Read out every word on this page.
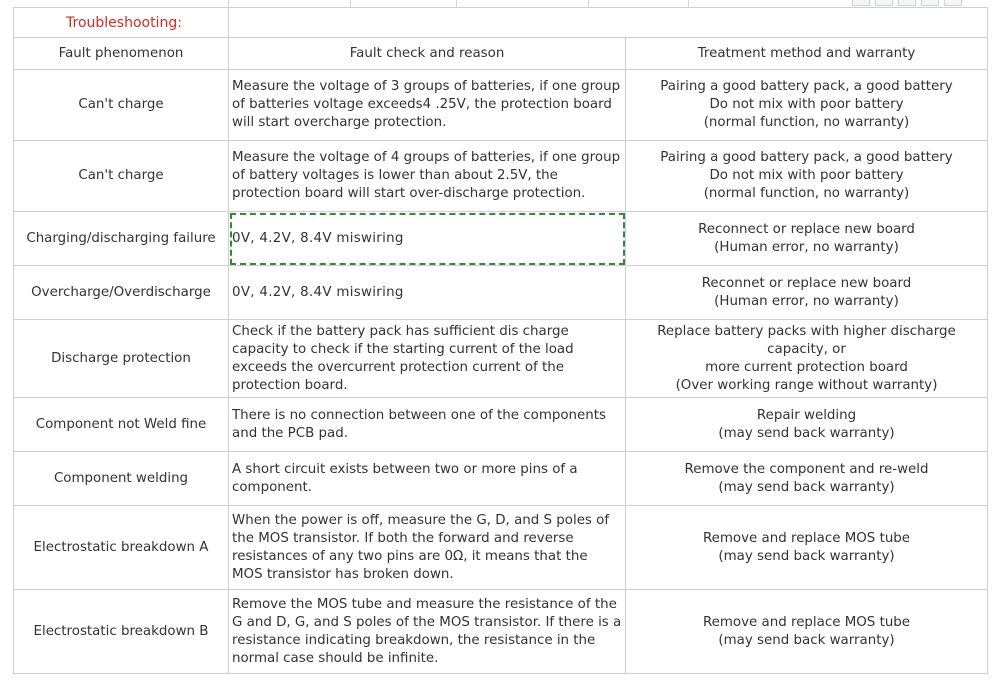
Troubleshooting:		
Fault phenomenon	Fault check and reason	Treatment method and warranty
Can't charge	Measure the voltage of 3 groups of batteries, if one group of batteries voltage exceeds4 .25V, the protection board will start overcharge protection.	Pairing a good battery pack, a good battery
Do not mix with poor battery
(normal function, no warranty)

Can't charge	Measure the voltage of 4 groups of batteries, if one group of battery voltages is lower than about 2.5V, the protection board will start over-discharge protection.	Pairing a good battery pack, a good battery
Do not mix with poor battery
(normal function, no warranty)

Charging/discharging failure	0V, 4.2V, 8.4V miswiring	Reconnect or replace new board
(Human error, no warranty)

Overcharge/Overdischarge	0V, 4.2V, 8.4V miswiring	Reconnet or replace new board
(Human error, no warranty)

Discharge protection	Check if the battery pack has sufficient dis charge capacity to check if the starting current of the load exceeds the overcurrent protection current of the protection board.	Replace battery packs with higher discharge capacity, or
more current protection board
(Over working range without warranty)

Component not Weld fine	There is no connection between one of the components and the PCB pad.	Repair welding
(may send back warranty)

Component welding	A short circuit exists between two or more pins of a component.	Remove the component and re-weld
(may send back warranty)

Electrostatic breakdown A	When the power is off, measure the G, D, and S poles of the MOS transistor. If both the forward and reverse resistances of any two pins are 0Ω, it means that the MOS transistor has broken down.	Remove and replace MOS tube
(may send back warranty)

Electrostatic breakdown B	Remove the MOS tube and measure the resistance of the G and D, G, and S poles of the MOS transistor. If there is a resistance indicating breakdown, the resistance in the normal case should be infinite.	Remove and replace MOS tube
(may send back warranty)
